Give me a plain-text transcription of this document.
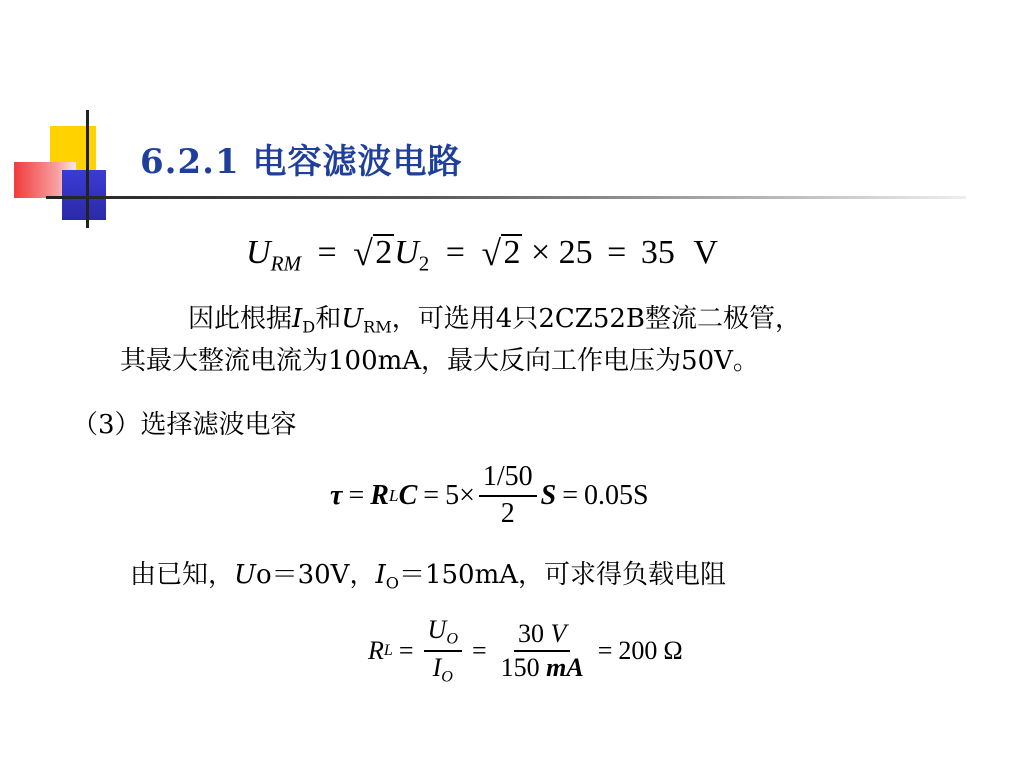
6.2.1 电容滤波电路
$U_{RM}$ = √ $2U_2$ = √ 2 × 25 = 35 V
因此根据$I_D$和$U_{RM}$，可选用4只2CZ52B整流二极管，
其最大整流电流为100mA，最大反向工作电压为50V。
（3）选择滤波电容
τ = R L $C = 5 \times \frac{1/50}{2}$ S = 0.05 S
由已知，Uo＝30V，$I_O=150mA$，可求得负载电阻
R $L = \frac{U_O}{I_O} = \frac{30 V}{150 mA} = 200$ Ω
